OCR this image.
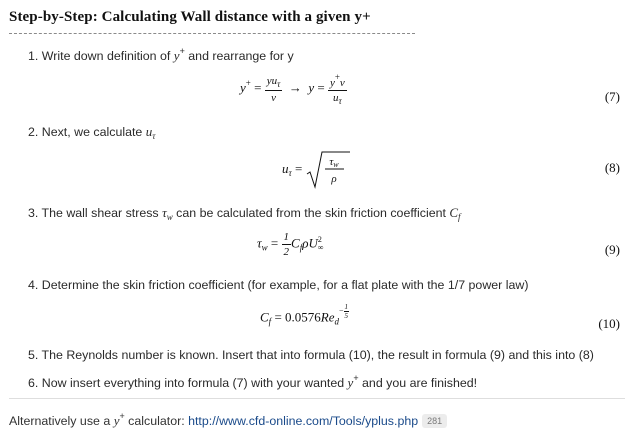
Step-by-Step: Calculating Wall distance with a given y+
1. Write down definition of y+ and rearrange for y
$y^+ = \frac{yu_\tau}{\nu} \to y = \frac{y^+\nu}{u_\tau}$	(7)
2. Next, we calculate $u_\tau$
$u_\tau = \tau w$
ρ
(8)
3. The wall shear stress $\tau_w$ can be calculated from the skin friction coefficient $C_f$
$\tau_w = \frac{1}{2} C_f\rho U$ 2
∞	(9)
4. Determine the skin friction coefficient (for example, for a flat plate with the 1/7 power law)
$C_f = 0.0576Re_d- \frac{1}{5}$
(10)
5. The Reynolds number is known. Insert that into formula (10), the result in formula (9) and this into (8)
6. Now insert everything into formula (7) with your wanted y+ and you are finished!
Alternatively use a y+ calculator: http://www.cfd-online.com/Tools/yplus.php 281
